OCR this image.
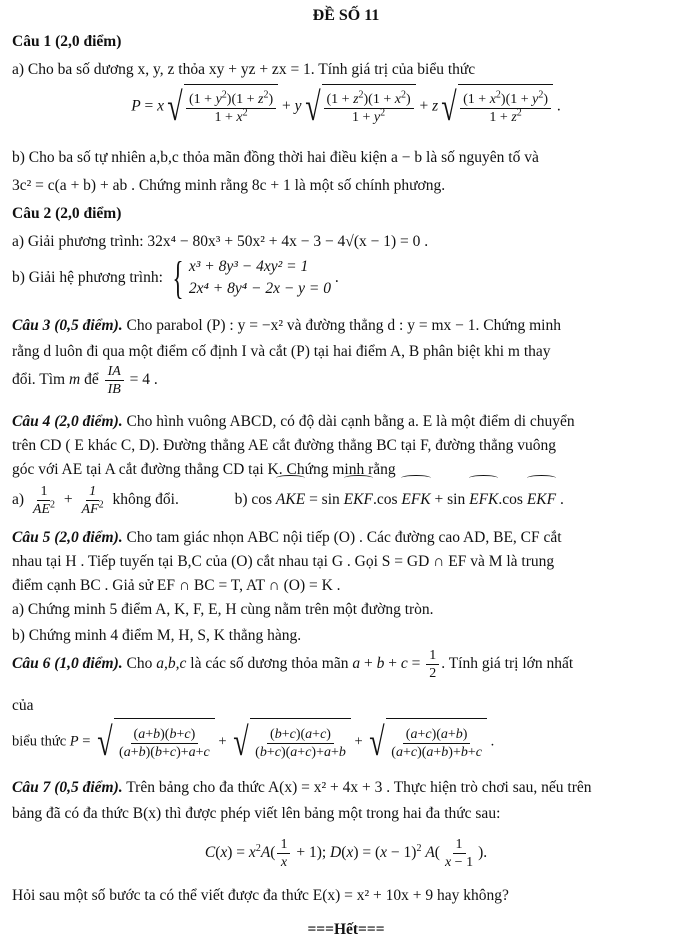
ĐỀ SỐ 11
Câu 1 (2,0 điểm)
a) Cho ba số dương x, y, z thỏa xy + yz + zx = 1. Tính giá trị của biểu thức
P = x √ $\frac{(1 + y^2)(1 + z^2)}{1 + x^2} + y$ √ $\frac{(1 + z^2)(1 + x^2)}{1 + y^2} + z$ √ $\frac{(1 + x^2)(1 + y^2)}{1 + z^2}$ .
b) Cho ba số tự nhiên a,b,c thỏa mãn đồng thời hai điều kiện a − b là số nguyên tố và
3c² = c(a + b) + ab . Chứng minh rằng 8c + 1 là một số chính phương.
Câu 2 (2,0 điểm)
a) Giải phương trình: 32x⁴ − 80x³ + 50x² + 4x − 3 − 4√(x − 1) = 0 .
b) Giải hệ phương trình: { x³ + 8y³ − 4xy² = 1
2x⁴ + 8y⁴ − 2x − y = 0
.
Câu 3 (0,5 điểm). Cho parabol (P) : y = −x² và đường thẳng d : y = mx − 1. Chứng minh
rằng d luôn đi qua một điểm cố định I và cắt (P) tại hai điểm A, B phân biệt khi m thay
đổi. Tìm m để $\frac{IA}{IB} = 4$ .
Câu 4 (2,0 điểm). Cho hình vuông ABCD, có độ dài cạnh bằng a. E là một điểm di chuyển
trên CD ( E khác C, D). Đường thẳng AE cắt đường thẳng BC tại F, đường thẳng vuông
góc với AE tại A cắt đường thẳng CD tại K. Chứng minh rằng
$a) \frac{1}{AE^2} + \frac{1}{AF^2}$ không đổi.	b) cos AKE = sin EKF.cos EFK + sin EFK.cos EKF .
Câu 5 (2,0 điểm). Cho tam giác nhọn ABC nội tiếp (O) . Các đường cao AD, BE, CF cắt
nhau tại H . Tiếp tuyến tại B,C của (O) cắt nhau tại G . Gọi S = GD ∩ EF và M là trung
điểm cạnh BC . Giả sử EF ∩ BC = T, AT ∩ (O) = K .
a) Chứng minh 5 điểm A, K, F, E, H cùng nằm trên một đường tròn.
b) Chứng minh 4 điểm M, H, S, K thẳng hàng.
Câu 6 (1,0 điểm). Cho a,b,c là các số dương thỏa mãn $a + b + c = \frac{1}{2}$ . Tính giá trị lớn nhất
của
biểu thức P = √ $\frac{(a+b)(b+c)}{(a+b)(b+c)+a+c}$ + √ $\frac{(b+c)(a+c)}{(b+c)(a+c)+a+b}$ + √ $\frac{(a+c)(a+b)}{(a+c)(a+b)+b+c}$ .
Câu 7 (0,5 điểm). Trên bảng cho đa thức A(x) = x² + 4x + 3 . Thực hiện trò chơi sau, nếu trên
bảng đã có đa thức B(x) thì được phép viết lên bảng một trong hai đa thức sau:
$C(x) = x^2A( \frac{1}{x} + 1)$; $D(x) = (x - 1)^2$ $A( \frac{1}{x - 1}$ ).
Hỏi sau một số bước ta có thể viết được đa thức E(x) = x² + 10x + 9 hay không?
===Hết===
